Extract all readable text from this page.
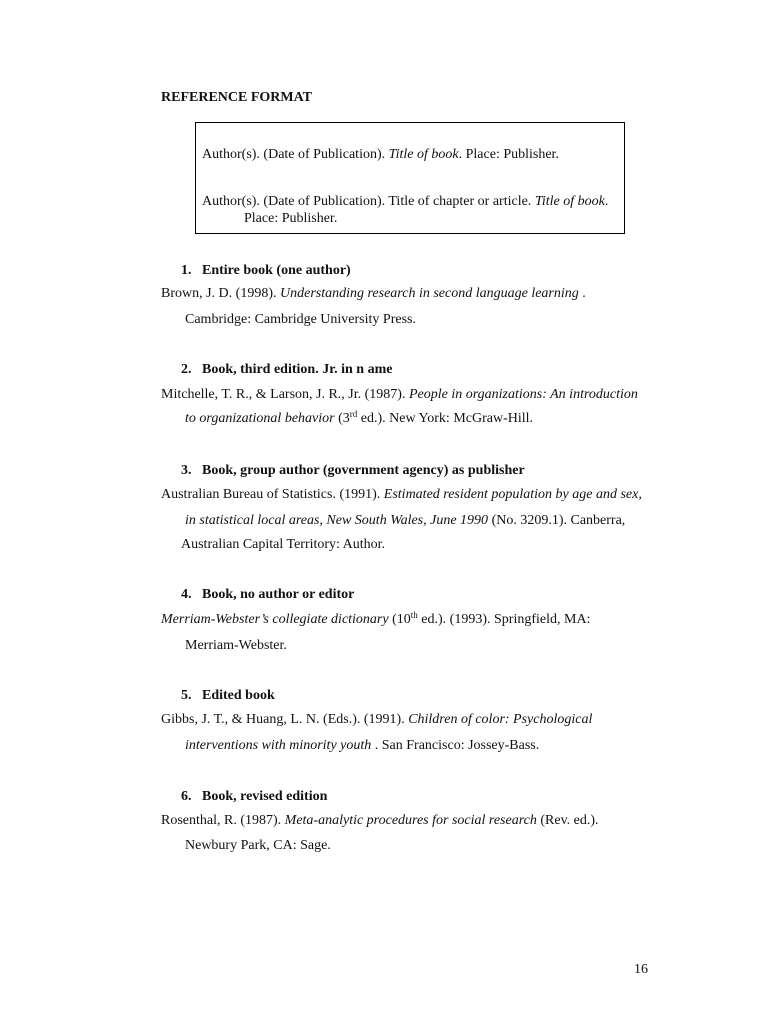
REFERENCE FORMAT
Author(s). (Date of Publication). Title of book. Place: Publisher.
Author(s). (Date of Publication). Title of chapter or article. Title of book.
Place: Publisher.
1. Entire book (one author)
Brown, J. D. (1998). Understanding research in second language learning .
Cambridge: Cambridge University Press.
2. Book, third edition. Jr. in n ame
Mitchelle, T. R., & Larson, J. R., Jr. (1987). People in organizations: An introduction
to organizational behavior (3rd ed.). New York: McGraw-Hill.
3. Book, group author (government agency) as publisher
Australian Bureau of Statistics. (1991). Estimated resident population by age and sex,
in statistical local areas, New South Wales, June 1990 (No. 3209.1). Canberra,
Australian Capital Territory: Author.
4. Book, no author or editor
Merriam-Webster’s collegiate dictionary (10th ed.). (1993). Springfield, MA:
Merriam-Webster.
5. Edited book
Gibbs, J. T., & Huang, L. N. (Eds.). (1991). Children of color: Psychological
interventions with minority youth . San Francisco: Jossey-Bass.
6. Book, revised edition
Rosenthal, R. (1987). Meta-analytic procedures for social research (Rev. ed.).
Newbury Park, CA: Sage.
16
